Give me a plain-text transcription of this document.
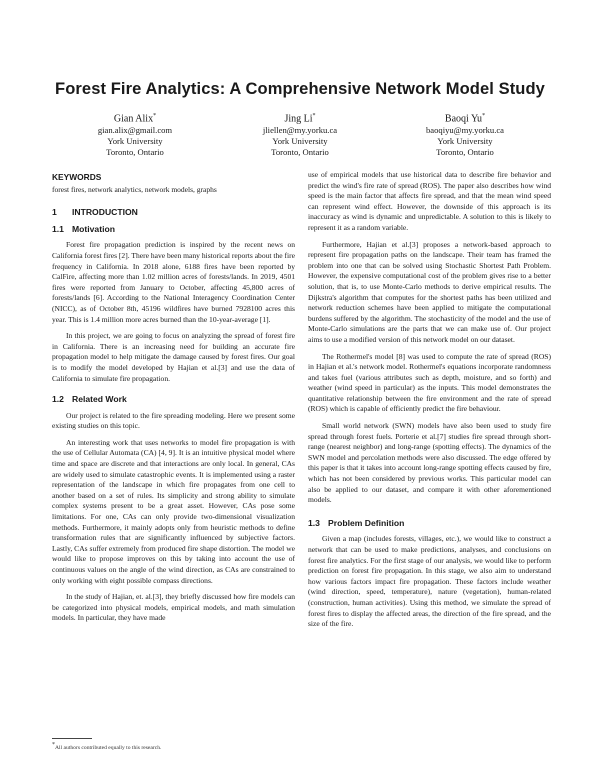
Forest Fire Analytics: A Comprehensive Network Model Study
Gian Alix*
gian.alix@gmail.com
York University
Toronto, Ontario
Jing Li*
jliellen@my.yorku.ca
York University
Toronto, Ontario
Baoqi Yu*
baoqiyu@my.yorku.ca
York University
Toronto, Ontario
KEYWORDS
forest fires, network analytics, network models, graphs
1 INTRODUCTION
1.1 Motivation

Forest fire propagation prediction is inspired by the recent news on California forest fires [2]. There have been many historical reports about the fire frequency in California. In 2018 alone, 6188 fires have been reported by CalFire, affecting more than 1.02 million acres of forests/lands. In 2019, 4501 fires were reported from January to October, affecting 45,800 acres of forests/lands [6]. According to the National Interagency Coordination Center (NICC), as of October 8th, 45196 wildfires have burned 7928100 acres this year. This is 1.4 million more acres burned than the 10-year-average [1].

In this project, we are going to focus on analyzing the spread of forest fire in California. There is an increasing need for building an accurate fire propagation model to help mitigate the damage caused by forest fires. Our goal is to modify the model developed by Hajian et al.[3] and use the data of California to simulate fire propagation.

1.2 Related Work

Our project is related to the fire spreading modeling. Here we present some existing studies on this topic.

An interesting work that uses networks to model fire propagation is with the use of Cellular Automata (CA) [4, 9]. It is an intuitive physical model where time and space are discrete and that interactions are only local. In general, CAs are widely used to simulate catastrophic events. It is implemented using a raster representation of the landscape in which fire propagates from one cell to another based on a set of rules. Its simplicity and strong ability to simulate complex systems present to be a great asset. However, CAs pose some limitations. For one, CAs can only provide two-dimensional visualization methods. Furthermore, it mainly adopts only from heuristic methods to define transformation rules that are significantly influenced by subjective factors. Lastly, CAs suffer extremely from produced fire shape distortion. The model we would like to propose improves on this by taking into account the use of continuous values on the angle of the wind direction, as CAs are constrained to only working with eight possible compass directions.

In the study of Hajian, et. al.[3], they briefly discussed how fire models can be categorized into physical models, empirical models, and math simulation models. In particular, they have made

*All authors contributed equally to this research.

use of empirical models that use historical data to describe fire behavior and predict the wind's fire rate of spread (ROS). The paper also describes how wind speed is the main factor that affects fire spread, and that the mean wind speed can represent wind effect. However, the downside of this approach is its inaccuracy as wind is dynamic and unpredictable. A solution to this is likely to represent it as a random variable.

Furthermore, Hajian et al.[3] proposes a network-based approach to represent fire propagation paths on the landscape. Their team has framed the problem into one that can be solved using Stochastic Shortest Path Problem. However, the expensive computational cost of the problem gives rise to a better solution, that is, to use Monte-Carlo methods to derive empirical results. The Dijkstra's algorithm that computes for the shortest paths has been utilized and network reduction schemes have been applied to mitigate the computational burdens suffered by the algorithm. The stochasticity of the model and the use of Monte-Carlo simulations are the parts that we can make use of. Our project aims to use a modified version of this network model on our dataset.

The Rothermel's model [8] was used to compute the rate of spread (ROS) in Hajian et al.'s network model. Rothermel's equations incorporate randomness and takes fuel (various attributes such as depth, moisture, and so forth) and weather (wind speed in particular) as the inputs. This model demonstrates the quantitative relationship between the fire environment and the rate of spread (ROS) which is capable of efficiently predict the fire behaviour.

Small world network (SWN) models have also been used to study fire spread through forest fuels. Porterie et al.[7] studies fire spread through short-range (nearest neighbor) and long-range (spotting effects). The dynamics of the SWN model and percolation methods were also discussed. The edge offered by this paper is that it takes into account long-range spotting effects caused by fire, which has not been considered by previous works. This particular model can also be applied to our dataset, and compare it with other aforementioned models.

1.3 Problem Definition

Given a map (includes forests, villages, etc.), we would like to construct a network that can be used to make predictions, analyses, and conclusions on forest fire analytics. For the first stage of our analysis, we would like to perform prediction on forest fire propagation. In this stage, we also aim to understand how various factors impact fire propagation. These factors include weather (wind direction, speed, temperature), nature (vegetation), human-related (construction, human activities). Using this method, we simulate the spread of forest fires to display the affected areas, the direction of the fire spread, and the size of the fire.
